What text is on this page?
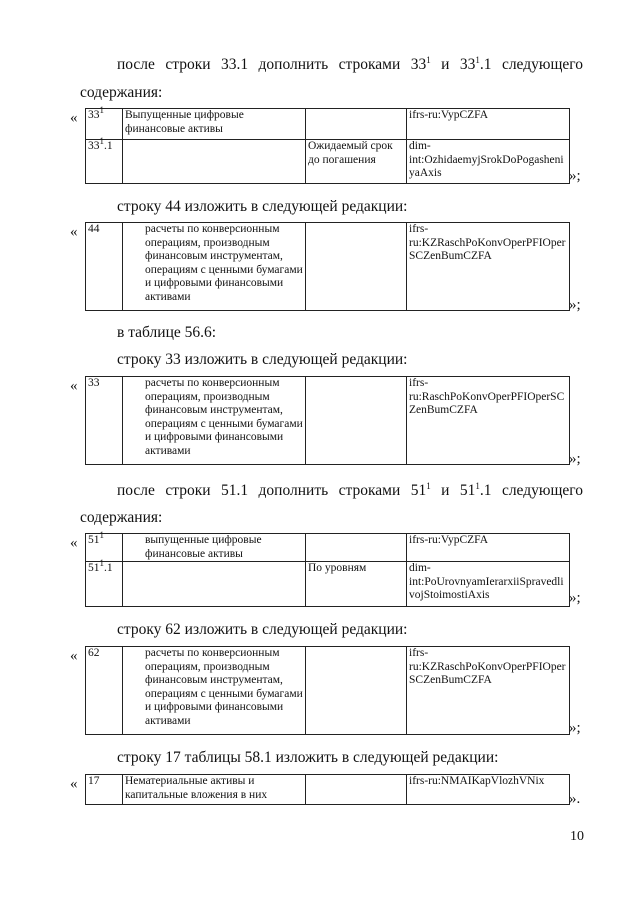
после строки 33.1 дополнить строками $33^1$ и $33^1.1$ следующего
содержания:
« $33^1$	Выпущенные цифровые финансовые активы		ifrs-ru:VypCZFA
$33^1.1$		Ожидаемый срок до погашения	dim-int:OzhidaemyjSrokDoPogasheniyaAxis	»;
строку 44 изложить в следующей редакции:
« 44	расчеты по конверсионным операциям, производным финансовым инструментам, операциям с ценными бумагами и цифровыми финансовыми активами		ifrs-ru:KZRaschPoKonvOperPFIOperSCZenBumCZFA
»;
в таблице 56.6:
строку 33 изложить в следующей редакции:
« 33	расчеты по конверсионным операциям, производным финансовым инструментам, операциям с ценными бумагами и цифровыми финансовыми активами		ifrs-ru:RaschPoKonvOperPFIOperSCZenBumCZFA
»;
после строки 51.1 дополнить строками $51^1$ и $51^1.1$ следующего
содержания:
« $51^1$	выпущенные цифровые финансовые активы		ifrs-ru:VypCZFA
$51^1.1$		По уровням	dim-int:PoUrovnyamIerarxiiSpravedlivojStoimostiAxis	»;
строку 62 изложить в следующей редакции:
« 62	расчеты по конверсионным операциям, производным финансовым инструментам, операциям с ценными бумагами и цифровыми финансовыми активами		ifrs-ru:KZRaschPoKonvOperPFIOperSCZenBumCZFA
»;
строку 17 таблицы 58.1 изложить в следующей редакции:
« 17	Нематериальные активы и капитальные вложения в них		ifrs-ru:NMAIKapVlozhVNix
».
10
